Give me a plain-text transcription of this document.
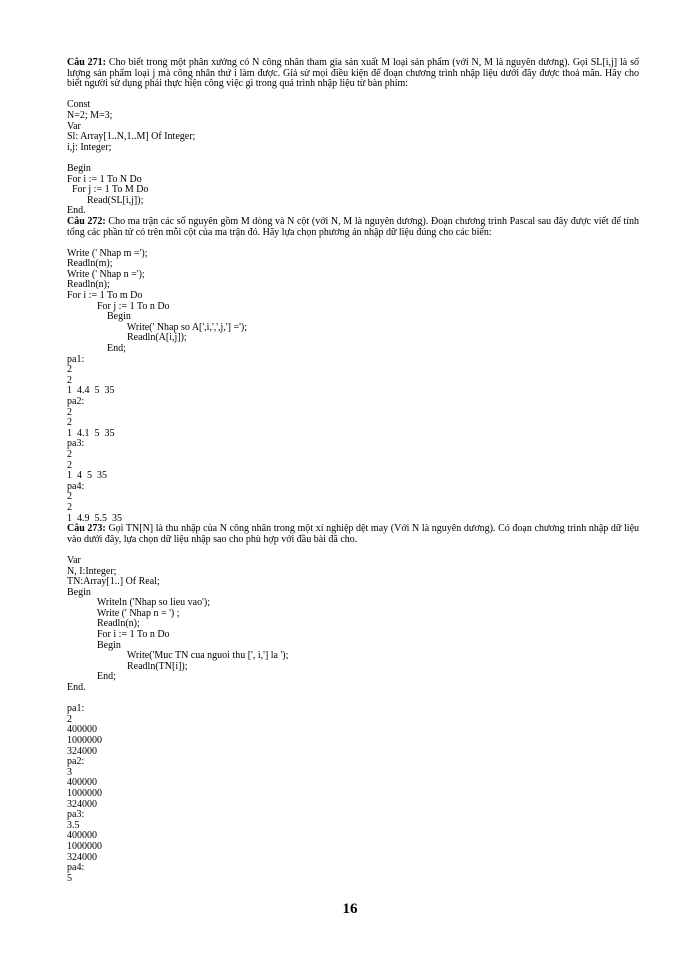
Câu 271: Cho biết trong một phân xưởng có N công nhân tham gia sản xuất M loại sản phẩm (với N, M là nguyên dương). Gọi SL[i,j] là số lượng sản phẩm loại j mà công nhân thứ i làm được. Giả sử mọi điều kiện để đoạn chương trình nhập liệu dưới đây được thoả mãn. Hãy cho biết người sử dụng phải thực hiện công việc gì trong quá trình nhập liệu từ bàn phím:

Const
N=2; M=3;
Var
Sl: Array[1..N,1..M] Of Integer;
i,j: Integer;

Begin
For i := 1 To N Do
For j := 1 To M Do
Read(SL[i,j]);
End.

Câu 272: Cho ma trận các số nguyên gồm M dòng và N cột (với N, M là nguyên dương). Đoạn chương trình Pascal sau đây được viết để tính tổng các phần tử có trên mỗi cột của ma trận đó. Hãy lựa chọn phương án nhập dữ liệu đúng cho các biến:

Write (' Nhap m =');
Readln(m);
Write (' Nhap n =');
Readln(n);
For i := 1 To m Do
For j := 1 To n Do
Begin
Write(' Nhap so A[',i,',',j,'] =');
Readln(A[i,j]);
End;
pa1:
2
2
1  4.4  5  35
pa2:
2
2
1  4.1  5  35
pa3:
2
2
1  4  5  35
pa4:
2
2
1  4.9  5.5  35

Câu 273: Gọi TN[N] là thu nhập của N công nhân trong một xí nghiệp dệt may (Với N là nguyên dương). Có đoạn chương trình nhập dữ liệu vào dưới đây, lựa chọn dữ liệu nhập sao cho phù hợp với đầu bài đã cho.

Var
N, I:Integer;
TN:Array[1..] Of Real;
Begin
Writeln ('Nhap so lieu vao');
Write (' Nhap n = ') ;
Readln(n);
For i := 1 To n Do
Begin
Write('Muc TN cua nguoi thu [', i,'] la ');
Readln(TN[i]);
End;
End.

pa1:
2
400000
1000000
324000
pa2:
3
400000
1000000
324000
pa3:
3.5
400000
1000000
324000
pa4:
5
16
